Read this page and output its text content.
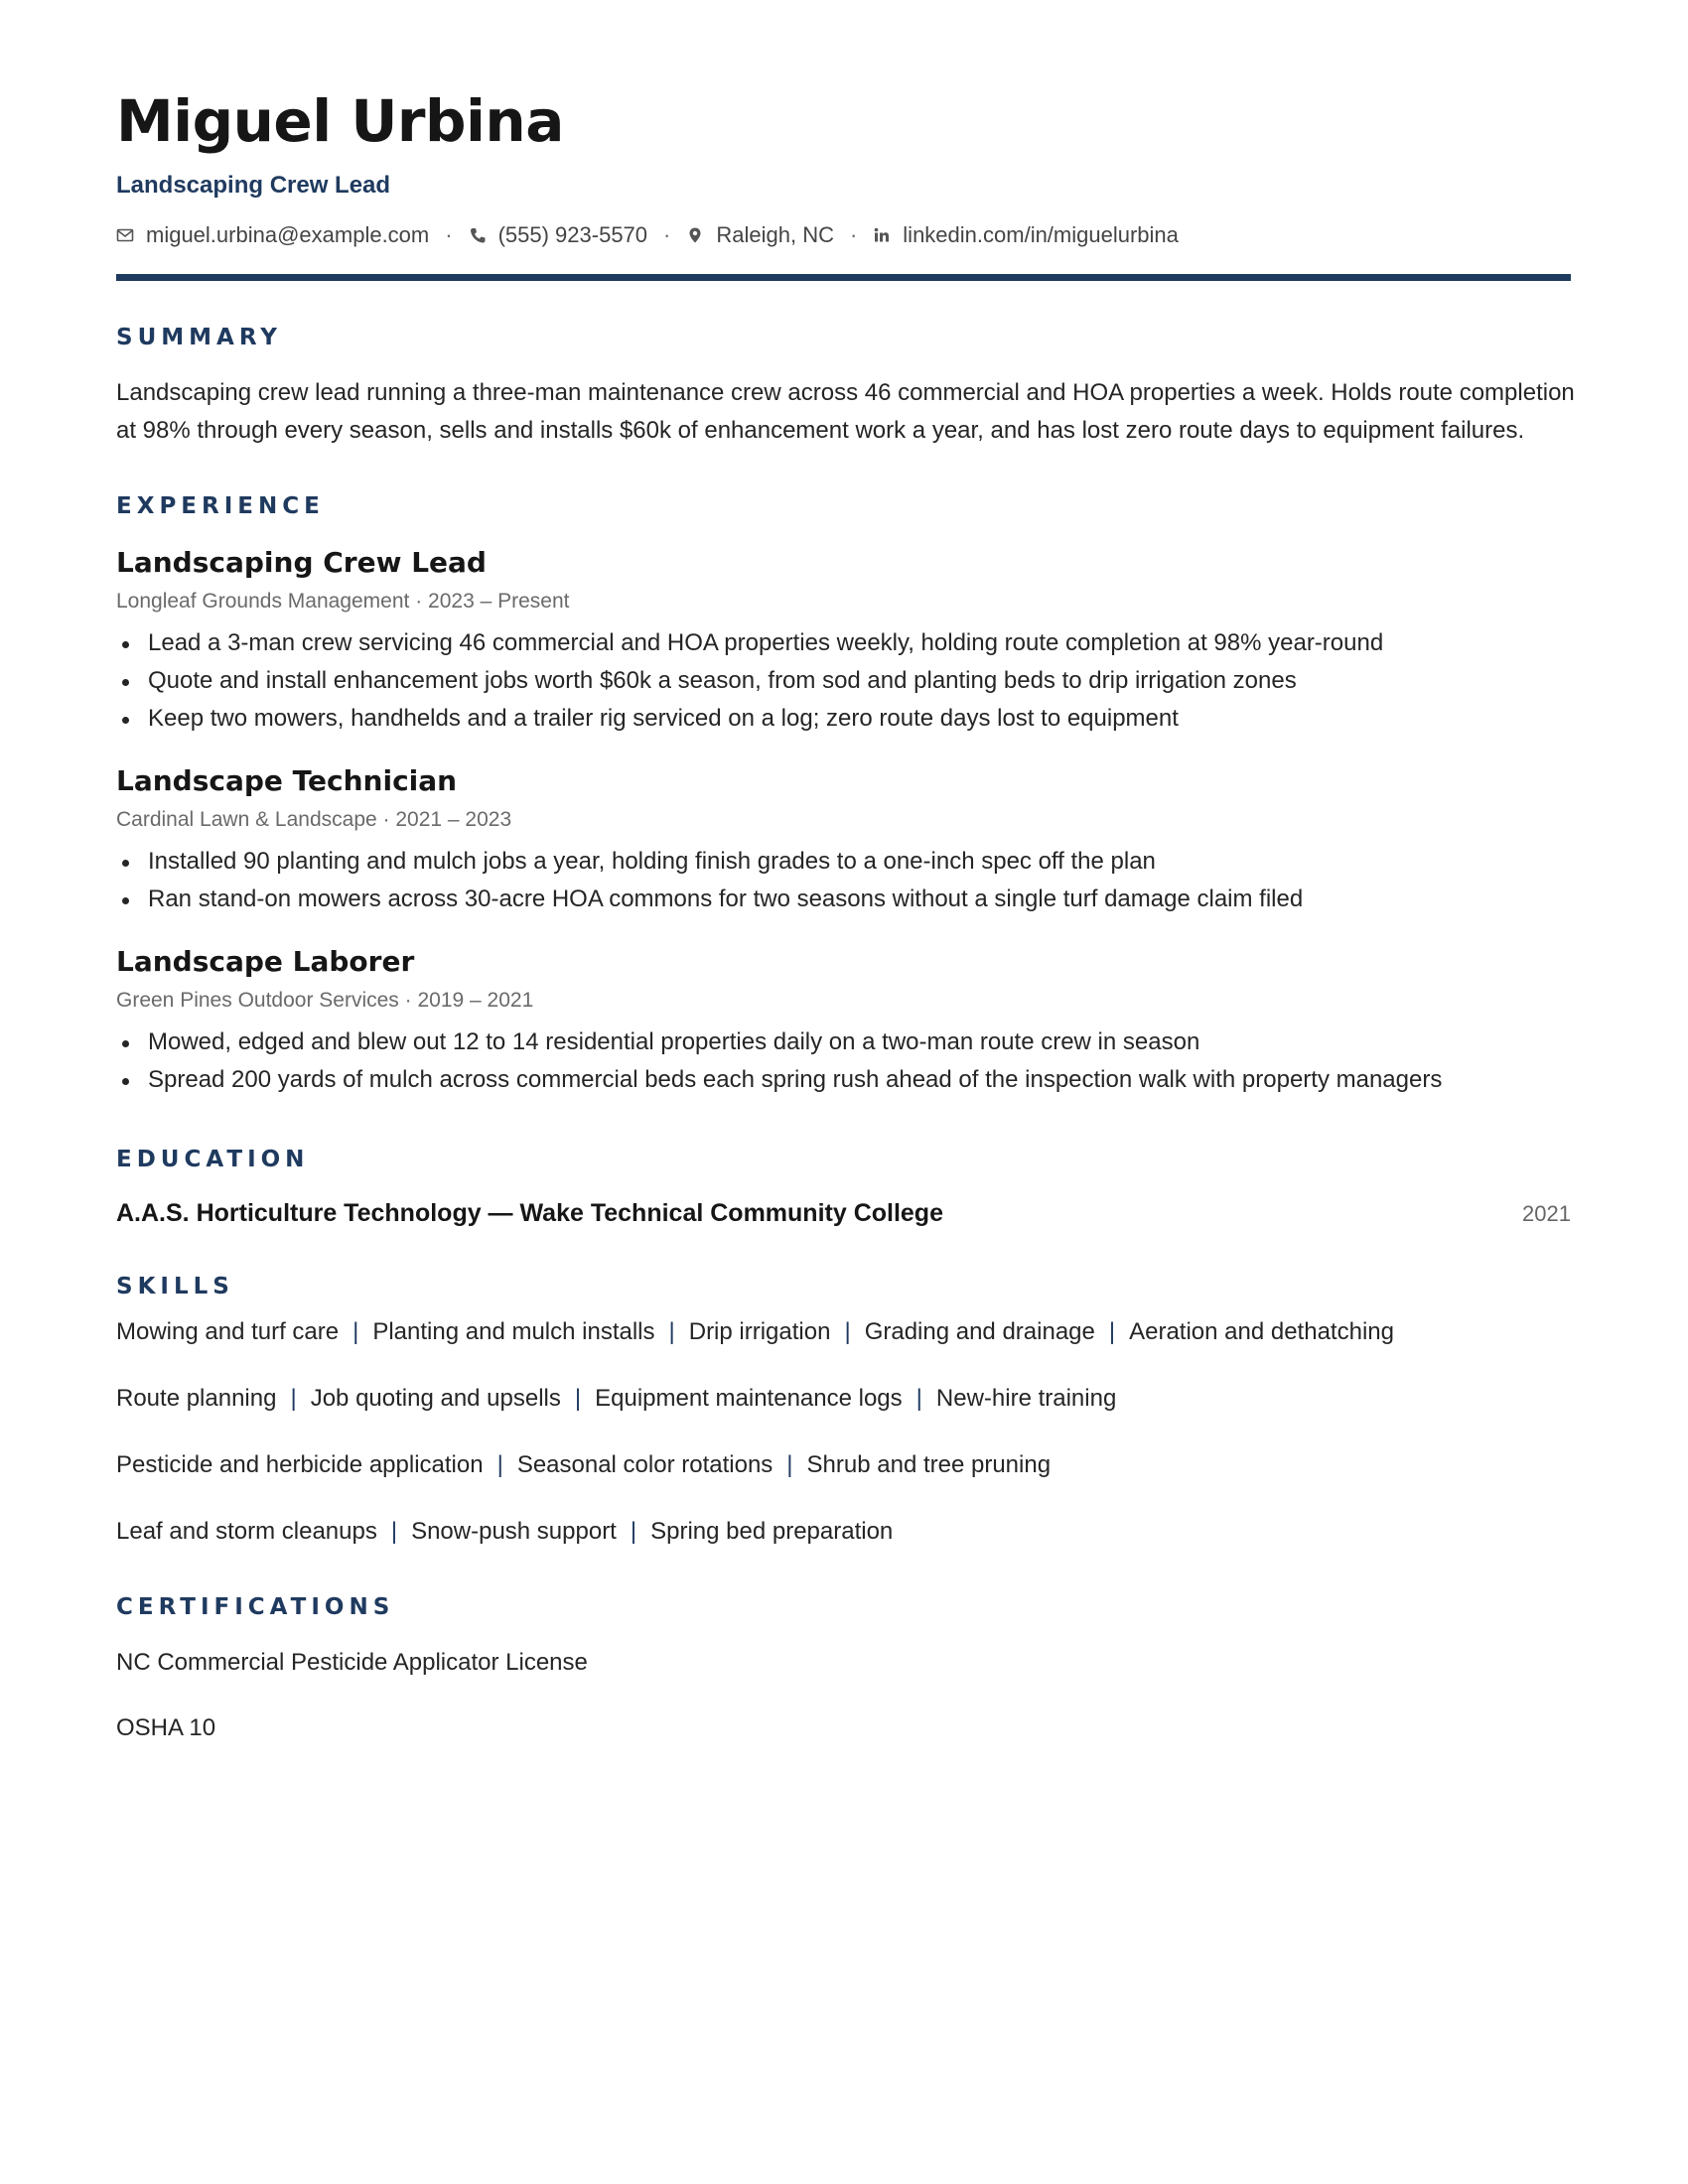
Miguel Urbina
Landscaping Crew Lead
miguel.urbina@example.com · (555) 923-5570 · Raleigh, NC · linkedin.com/in/miguelurbina
SUMMARY

Landscaping crew lead running a three-man maintenance crew across 46 commercial and HOA properties a week. Holds route completion at 98% through every season, sells and installs $60k of enhancement work a year, and has lost zero route days to equipment failures.

EXPERIENCE
Landscaping Crew Lead
Longleaf Grounds Management · 2023 – Present
Lead a 3-man crew servicing 46 commercial and HOA properties weekly, holding route completion at 98% year-round
Quote and install enhancement jobs worth $60k a season, from sod and planting beds to drip irrigation zones
Keep two mowers, handhelds and a trailer rig serviced on a log; zero route days lost to equipment
Landscape Technician
Cardinal Lawn & Landscape · 2021 – 2023
Installed 90 planting and mulch jobs a year, holding finish grades to a one-inch spec off the plan
Ran stand-on mowers across 30-acre HOA commons for two seasons without a single turf damage claim filed
Landscape Laborer
Green Pines Outdoor Services · 2019 – 2021
Mowed, edged and blew out 12 to 14 residential properties daily on a two-man route crew in season
Spread 200 yards of mulch across commercial beds each spring rush ahead of the inspection walk with property managers
EDUCATION
A.A.S. Horticulture Technology — Wake Technical Community College	2021
SKILLS
Mowing and turf care | Planting and mulch installs | Drip irrigation | Grading and drainage | Aeration and dethatching
Route planning | Job quoting and upsells | Equipment maintenance logs | New-hire training
Pesticide and herbicide application | Seasonal color rotations | Shrub and tree pruning
Leaf and storm cleanups | Snow-push support | Spring bed preparation
CERTIFICATIONS
NC Commercial Pesticide Applicator License
OSHA 10
